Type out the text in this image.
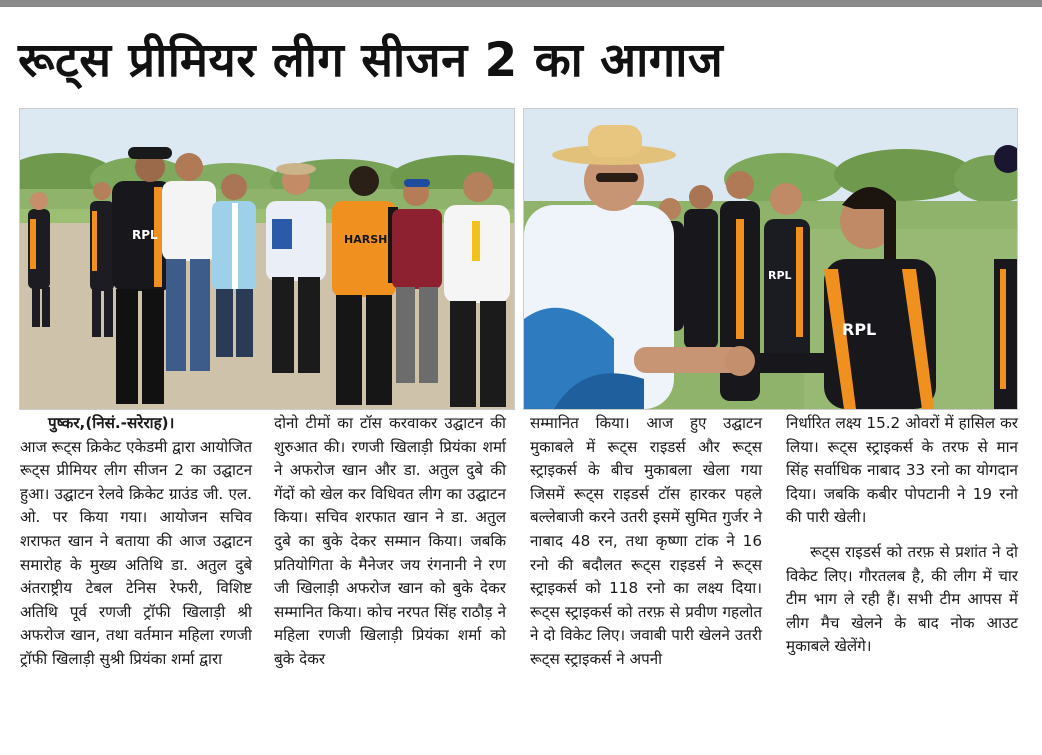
रूट्स प्रीमियर लीग सीजन 2 का आगाज
RPL	HARSH
RPL
RPL

पुष्कर,(निसं.-सरेराह)।

आज रूट्स क्रिकेट एकेडमी द्वारा आयोजित रूट्स प्रीमियर लीग सीजन 2 का उद्घाटन हुआ। उद्घाटन रेलवे क्रिकेट ग्राउंड जी. एल. ओ. पर किया गया। आयोजन सचिव शराफत खान ने बताया की आज उद्घाटन समारोह के मुख्य अतिथि डा. अतुल दुबे अंतराष्ट्रीय टेबल टेनिस रेफरी, विशिष्ट अतिथि पूर्व रणजी ट्रॉफी खिलाड़ी श्री अफरोज खान, तथा वर्तमान महिला रणजी ट्रॉफी खिलाड़ी सुश्री प्रियंका शर्मा द्वारा

दोनो टीमों का टॉस करवाकर उद्घाटन की शुरुआत की। रणजी खिलाड़ी प्रियंका शर्मा ने अफरोज खान और डा. अतुल दुबे की गेंदों को खेल कर विधिवत लीग का उद्घाटन किया। सचिव शरफात खान ने डा. अतुल दुबे का बुके देकर सम्मान किया। जबकि प्रतियोगिता के मैनेजर जय रंगनानी ने रण जी खिलाड़ी अफरोज खान को बुके देकर सम्मानित किया। कोच नरपत सिंह राठौड़ ने महिला रणजी खिलाड़ी प्रियंका शर्मा को बुके देकर

सम्मानित किया। आज हुए उद्घाटन मुकाबले में रूट्स राइडर्स और रूट्स स्ट्राइकर्स के बीच मुकाबला खेला गया जिसमें रूट्स राइडर्स टॉस हारकर पहले बल्लेबाजी करने उतरी इसमें सुमित गुर्जर ने नाबाद 48 रन, तथा कृष्णा टांक ने 16 रनो की बदौलत रूट्स राइडर्स ने रूट्स स्ट्राइकर्स को 118 रनो का लक्ष्य दिया। रूट्स स्ट्राइकर्स को तरफ़ से प्रवीण गहलोत ने दो विकेट लिए। जवाबी पारी खेलने उतरी रूट्स स्ट्राइकर्स ने अपनी

निर्धारित लक्ष्य 15.2 ओवरों में हासिल कर लिया। रूट्स स्ट्राइकर्स के तरफ से मान सिंह सर्वाधिक नाबाद 33 रनो का योगदान दिया। जबकि कबीर पोपटानी ने 19 रनो की पारी खेली।

रूट्स राइडर्स को तरफ़ से प्रशांत ने दो विकेट लिए। गौरतलब है, की लीग में चार टीम भाग ले रही हैं। सभी टीम आपस में लीग मैच खेलने के बाद नोक आउट मुकाबले खेलेंगे।
